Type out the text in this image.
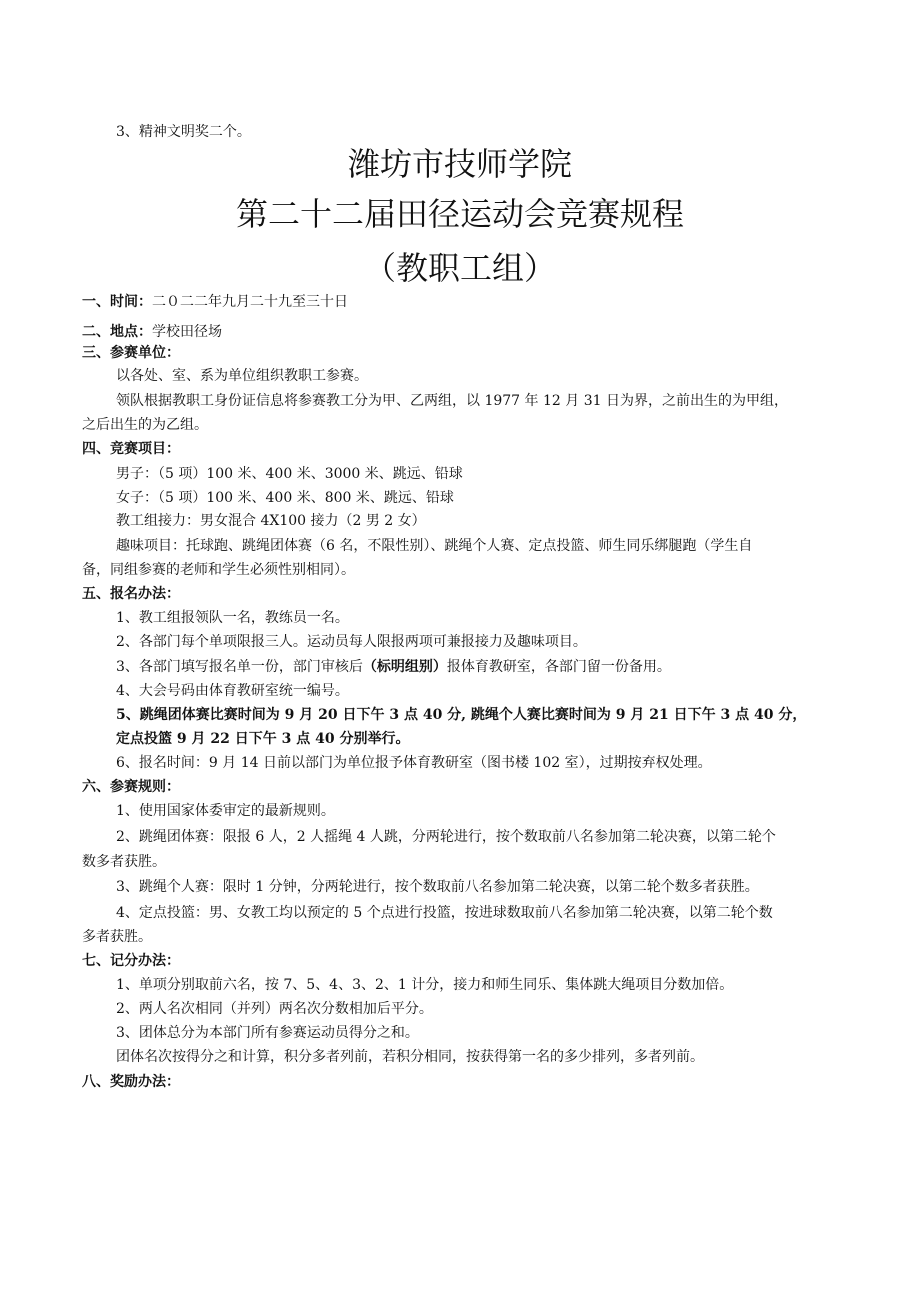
3、精神文明奖二个。
潍坊市技师学院
第二十二届田径运动会竞赛规程
（教职工组）
一、时间：二０二二年九月二十九至三十日
二、地点：学校田径场
三、参赛单位：
以各处、室、系为单位组织教职工参赛。
领队根据教职工身份证信息将参赛教工分为甲、乙两组，以 1977 年 12 月 31 日为界，之前出生的为甲组，
之后出生的为乙组。
四、竞赛项目：
男子：（5 项）100 米、400 米、3000 米、跳远、铅球
女子：（5 项）100 米、400 米、800 米、跳远、铅球
教工组接力：男女混合 4X100 接力（2 男 2 女）
趣味项目：托球跑、跳绳团体赛（6 名，不限性别）、跳绳个人赛、定点投篮、师生同乐绑腿跑（学生自
备，同组参赛的老师和学生必须性别相同）。
五、报名办法：
1、教工组报领队一名，教练员一名。
2、各部门每个单项限报三人。运动员每人限报两项可兼报接力及趣味项目。
3、各部门填写报名单一份，部门审核后（标明组别）报体育教研室，各部门留一份备用。
4、大会号码由体育教研室统一编号。
5、跳绳团体赛比赛时间为 9 月 20 日下午 3 点 40 分, 跳绳个人赛比赛时间为 9 月 21 日下午 3 点 40 分，
定点投篮 9 月 22 日下午 3 点 40 分别举行。
6、报名时间：9 月 14 日前以部门为单位报予体育教研室（图书楼 102 室），过期按弃权处理。
六、参赛规则：
1、使用国家体委审定的最新规则。
2、跳绳团体赛：限报 6 人，2 人摇绳 4 人跳，分两轮进行，按个数取前八名参加第二轮决赛，以第二轮个
数多者获胜。
3、跳绳个人赛：限时 1 分钟，分两轮进行，按个数取前八名参加第二轮决赛，以第二轮个数多者获胜。
4、定点投篮：男、女教工均以预定的 5 个点进行投篮，按进球数取前八名参加第二轮决赛，以第二轮个数
多者获胜。
七、记分办法：
1、单项分别取前六名，按 7、5、4、3、2、1 计分，接力和师生同乐、集体跳大绳项目分数加倍。
2、两人名次相同（并列）两名次分数相加后平分。
3、团体总分为本部门所有参赛运动员得分之和。
团体名次按得分之和计算，积分多者列前，若积分相同，按获得第一名的多少排列，多者列前。
八、奖励办法：
